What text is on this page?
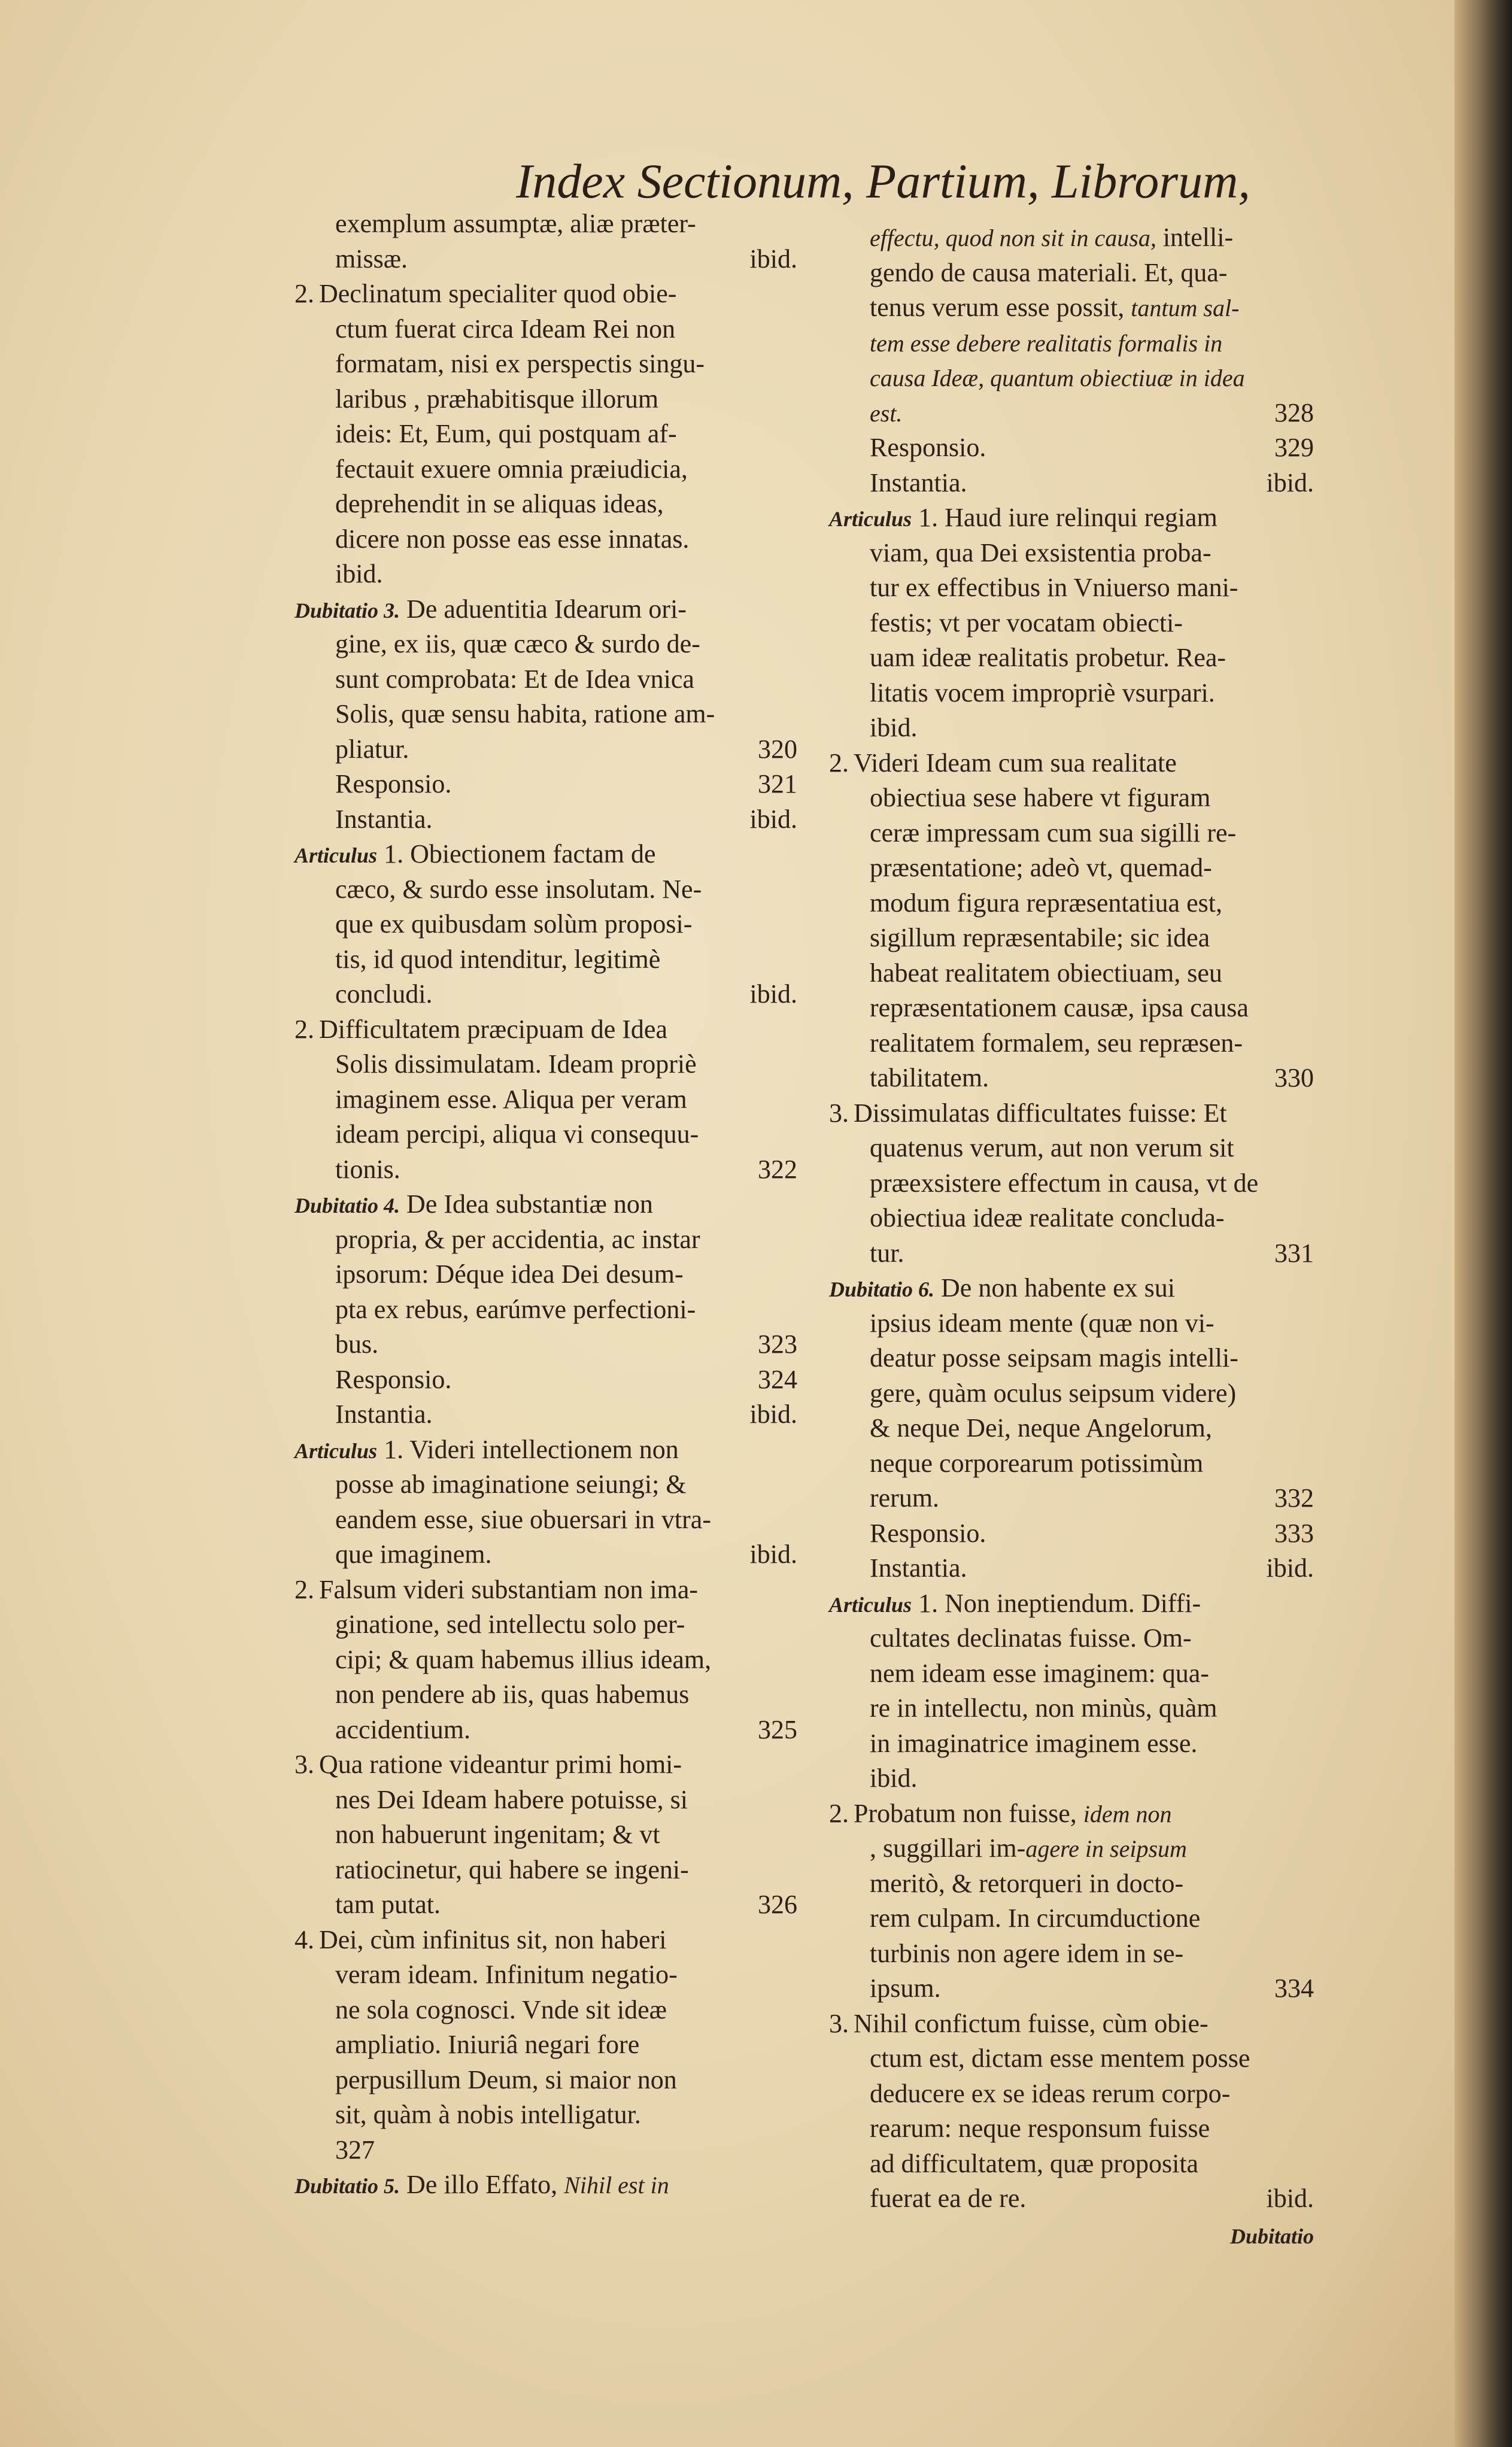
Index Sectionum, Partium, Librorum,
exemplum assumptæ, aliæ præter-
missæ.	ibid.
2. Declinatum specialiter quod obie-
ctum fuerat circa Ideam Rei non
formatam, nisi ex perspectis singu-
laribus , præhabitisque illorum
ideis: Et, Eum, qui postquam af-
fectauit exuere omnia præiudicia,
deprehendit in se aliquas ideas,
dicere non posse eas esse innatas.
ibid.
Dubitatio 3. De aduentitia Idearum ori-
gine, ex iis, quæ cæco & surdo de-
sunt comprobata: Et de Idea vnica
Solis, quæ sensu habita, ratione am-
pliatur.	320
Responsio.	321
Instantia.	ibid.
Articulus 1. Obiectionem factam de
cæco, & surdo esse insolutam. Ne-
que ex quibusdam solùm proposi-
tis, id quod intenditur, legitimè
concludi.	ibid.
2. Difficultatem præcipuam de Idea
Solis dissimulatam. Ideam propriè
imaginem esse. Aliqua per veram
ideam percipi, aliqua vi consequu-
tionis.	322
Dubitatio 4. De Idea substantiæ non
propria, & per accidentia, ac instar
ipsorum: Déque idea Dei desum-
pta ex rebus, earúmve perfectioni-
bus.	323
Responsio.	324
Instantia.	ibid.
Articulus 1. Videri intellectionem non
posse ab imaginatione seiungi; &
eandem esse, siue obuersari in vtra-
que imaginem.	ibid.
2. Falsum videri substantiam non ima-
ginatione, sed intellectu solo per-
cipi; & quam habemus illius ideam,
non pendere ab iis, quas habemus
accidentium.	325
3. Qua ratione videantur primi homi-
nes Dei Ideam habere potuisse, si
non habuerunt ingenitam; & vt
ratiocinetur, qui habere se ingeni-
tam putat.	326
4. Dei, cùm infinitus sit, non haberi
veram ideam. Infinitum negatio-
ne sola cognosci. Vnde sit ideæ
ampliatio. Iniuriâ negari fore
perpusillum Deum, si maior non
sit, quàm à nobis intelligatur.
327
Dubitatio 5. De illo Effato, Nihil est in
effectu, quod non sit in causa, intelli-
gendo de causa materiali. Et, qua-
tenus verum esse possit, tantum sal-
tem esse debere realitatis formalis in
causa Ideæ, quantum obiectiuæ in idea
est.	328
Responsio.	329
Instantia.	ibid.
Articulus 1. Haud iure relinqui regiam
viam, qua Dei exsistentia proba-
tur ex effectibus in Vniuerso mani-
festis; vt per vocatam obiecti-
uam ideæ realitatis probetur. Rea-
litatis vocem impropriè vsurpari.
ibid.
2. Videri Ideam cum sua realitate
obiectiua sese habere vt figuram
ceræ impressam cum sua sigilli re-
præsentatione; adeò vt, quemad-
modum figura repræsentatiua est,
sigillum repræsentabile; sic idea
habeat realitatem obiectiuam, seu
repræsentationem causæ, ipsa causa
realitatem formalem, seu repræsen-
tabilitatem.	330
3. Dissimulatas difficultates fuisse: Et
quatenus verum, aut non verum sit
præexsistere effectum in causa, vt de
obiectiua ideæ realitate concluda-
tur.	331
Dubitatio 6. De non habente ex sui
ipsius ideam mente (quæ non vi-
deatur posse seipsam magis intelli-
gere, quàm oculus seipsum videre)
& neque Dei, neque Angelorum,
neque corporearum potissimùm
rerum.	332
Responsio.	333
Instantia.	ibid.
Articulus 1. Non ineptiendum. Diffi-
cultates declinatas fuisse. Om-
nem ideam esse imaginem: qua-
re in intellectu, non minùs, quàm
in imaginatrice imaginem esse.
ibid.
2. Probatum non fuisse, idem non
, suggillari im-agere in seipsum
meritò, & retorqueri in docto-
rem culpam. In circumductione
turbinis non agere idem in se-
ipsum.	334
3. Nihil confictum fuisse, cùm obie-
ctum est, dictam esse mentem posse
deducere ex se ideas rerum corpo-
rearum: neque responsum fuisse
ad difficultatem, quæ proposita
fuerat ea de re.	ibid.
Dubitatio
